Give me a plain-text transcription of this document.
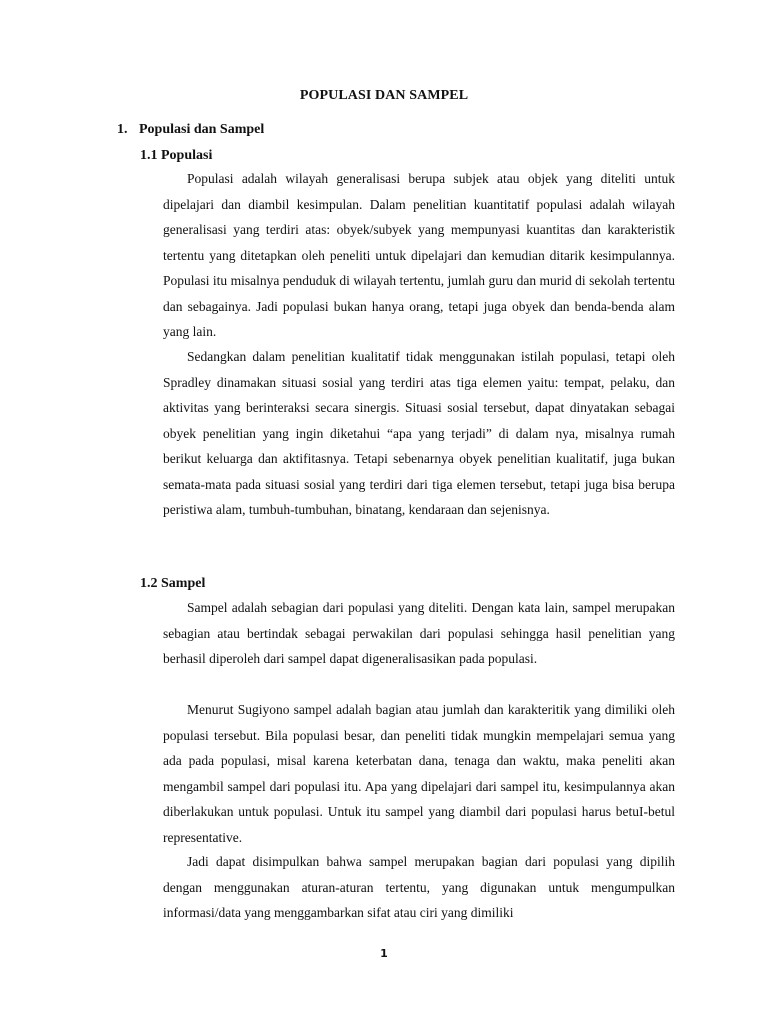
POPULASI DAN SAMPEL
1. Populasi dan Sampel
1.1 Populasi
Populasi adalah wilayah generalisasi berupa subjek atau objek yang diteliti untuk dipelajari dan diambil kesimpulan. Dalam penelitian kuantitatif populasi adalah wilayah generalisasi yang terdiri atas: obyek/subyek yang mempunyasi kuantitas dan karakteristik tertentu yang ditetapkan oleh peneliti untuk dipelajari dan kemudian ditarik kesimpulannya. Populasi itu misalnya penduduk di wilayah tertentu, jumlah guru dan murid di sekolah tertentu dan sebagainya. Jadi populasi bukan hanya orang, tetapi juga obyek dan benda-benda alam yang lain.
Sedangkan dalam penelitian kualitatif tidak menggunakan istilah populasi, tetapi oleh Spradley dinamakan situasi sosial yang terdiri atas tiga elemen yaitu: tempat, pelaku, dan aktivitas yang berinteraksi secara sinergis. Situasi sosial tersebut, dapat dinyatakan sebagai obyek penelitian yang ingin diketahui “apa yang terjadi” di dalam nya, misalnya rumah berikut keluarga dan aktifitasnya. Tetapi sebenarnya obyek penelitian kualitatif, juga bukan semata-mata pada situasi sosial yang terdiri dari tiga elemen tersebut, tetapi juga bisa berupa peristiwa alam, tumbuh-tumbuhan, binatang, kendaraan dan sejenisnya.
1.2 Sampel
Sampel adalah sebagian dari populasi yang diteliti. Dengan kata lain, sampel merupakan sebagian atau bertindak sebagai perwakilan dari populasi sehingga hasil penelitian yang berhasil diperoleh dari sampel dapat digeneralisasikan pada populasi.
Menurut Sugiyono sampel adalah bagian atau jumlah dan karakteritik yang dimiliki oleh populasi tersebut. Bila populasi besar, dan peneliti tidak mungkin mempelajari semua yang ada pada populasi, misal karena keterbatan dana, tenaga dan waktu, maka peneliti akan mengambil sampel dari populasi itu. Apa yang dipelajari dari sampel itu, kesimpulannya akan diberlakukan untuk populasi. Untuk itu sampel yang diambil dari populasi harus betuI-betul representative.
Jadi dapat disimpulkan bahwa sampel merupakan bagian dari populasi yang dipilih dengan menggunakan aturan-aturan tertentu, yang digunakan untuk mengumpulkan informasi/data yang menggambarkan sifat atau ciri yang dimiliki
1
